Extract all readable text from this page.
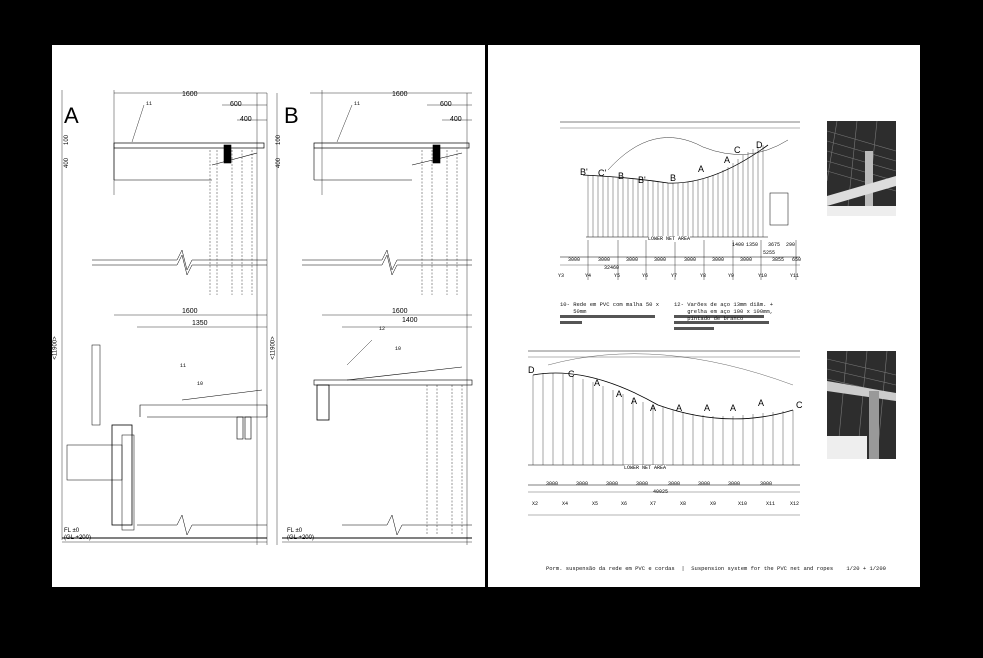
A
1600
600
400
100
400
11
1600
1350
11
10
<11900>
FL ±0
(GL +200)
B
1600
600
400
100
400
11
1600
1400
12
10
<11900>
FL ±0
(GL +200)
B' C' B B'	B
A
A
C D
LOWER NET AREA
1400 1350 3675 290
5255
3000	3000	3000	3000	3000	3000	3000	3855 650
32460
Y3	Y4	Y5	Y6	Y7	Y8	Y9	Y10	Y11
10- Rede em PVC com malha 50 x
50mm
12- Varões de aço 13mm diâm. +
grelha em aço 100 x 100mm,
pintado de branco
D	C
A
A
A
A A A A A	C
LOWER NET AREA
3000	3000	3000	3000	3000	3000	3000	3000
40025
X2	X4	X5	X6	X7	X8	X9	X10	X11	X12
Porm. suspensão da rede em PVC e cordas  |  Suspension system for the PVC net and ropes    1/20 + 1/200
